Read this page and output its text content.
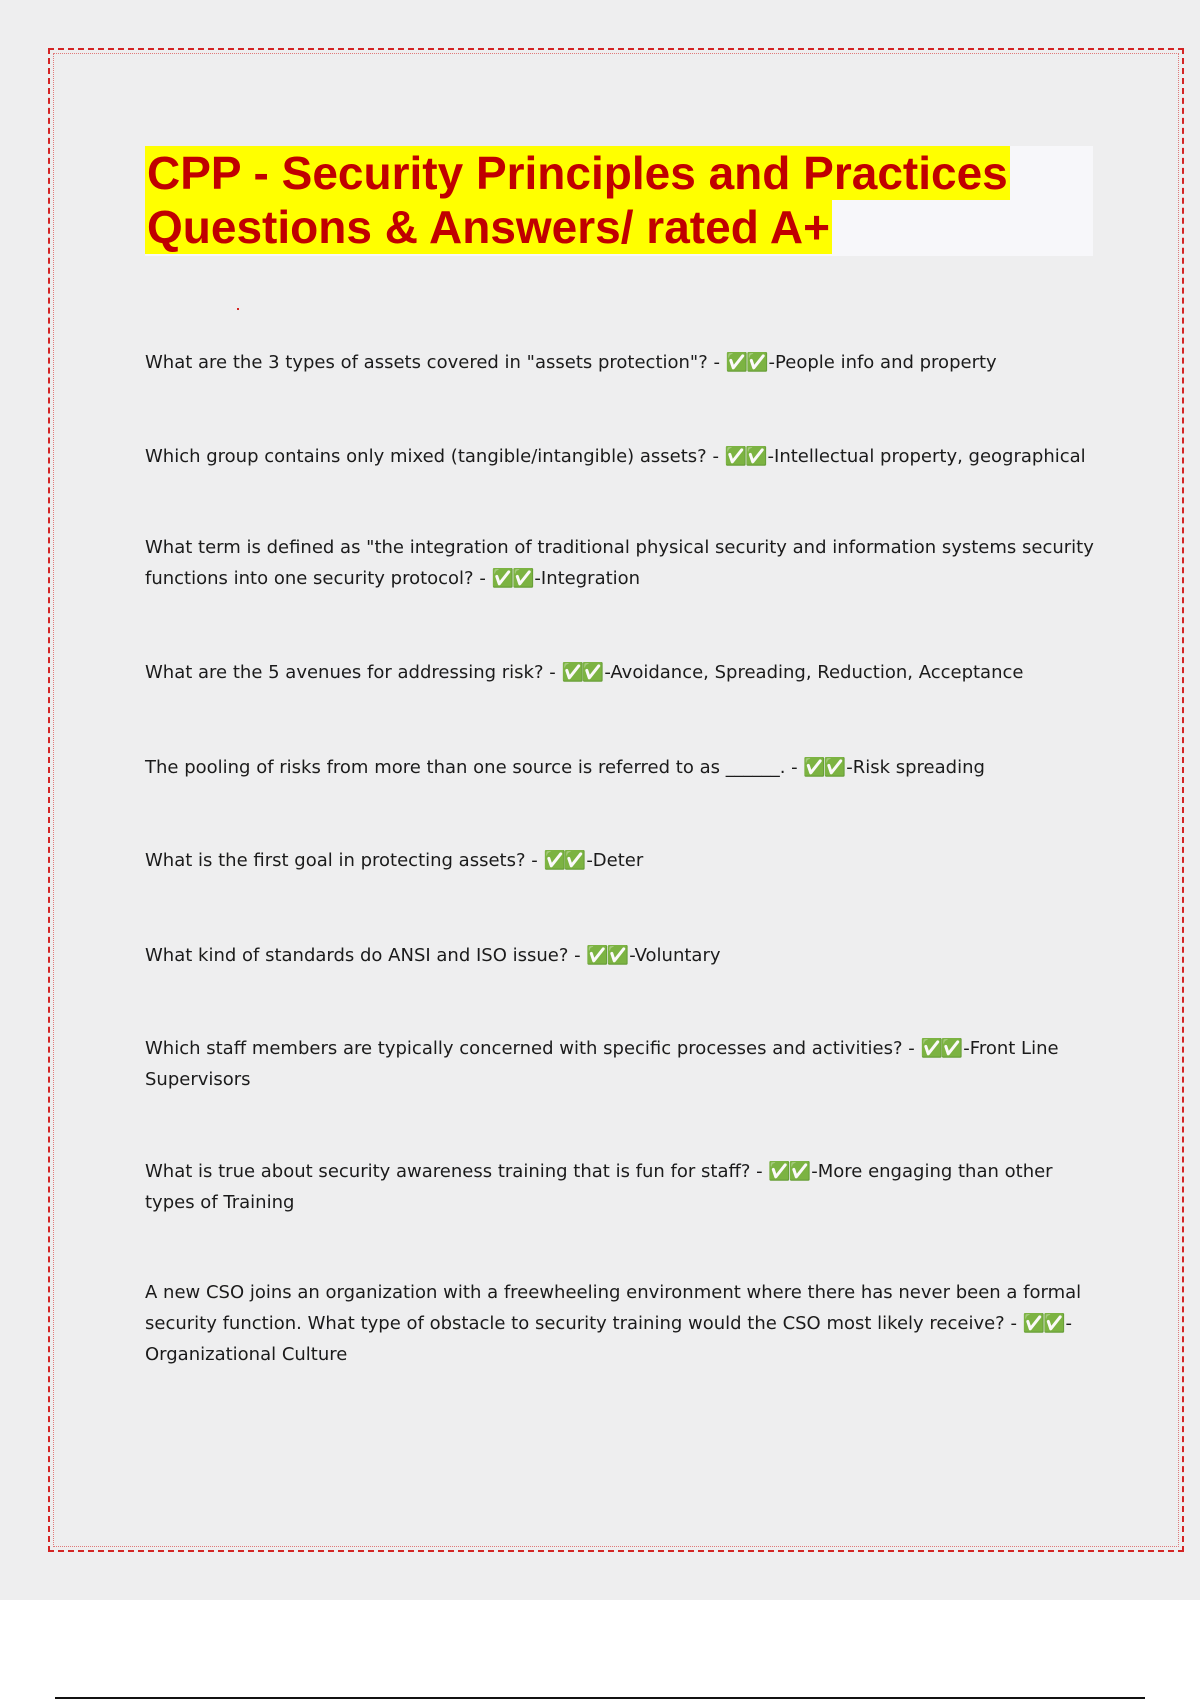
CPP - Security Principles and Practices
Questions & Answers/ rated A+

What are the 3 types of assets covered in "assets protection"? - ✅✅ -People info and property

Which group contains only mixed (tangible/intangible) assets? - ✅✅ -Intellectual property, geographical

What term is defined as "the integration of traditional physical security and information systems security functions into one security protocol? - ✅✅ -Integration

What are the 5 avenues for addressing risk? - ✅✅ -Avoidance, Spreading, Reduction, Acceptance

The pooling of risks from more than one source is referred to as ______. - ✅✅ -Risk spreading

What is the first goal in protecting assets? - ✅✅ -Deter

What kind of standards do ANSI and ISO issue? - ✅✅ -Voluntary

Which staff members are typically concerned with specific processes and activities? - ✅✅ -Front Line Supervisors

What is true about security awareness training that is fun for staff? - ✅✅ -More engaging than other types of Training

A new CSO joins an organization with a freewheeling environment where there has never been a formal security function. What type of obstacle to security training would the CSO most likely receive? - ✅✅ -Organizational Culture
